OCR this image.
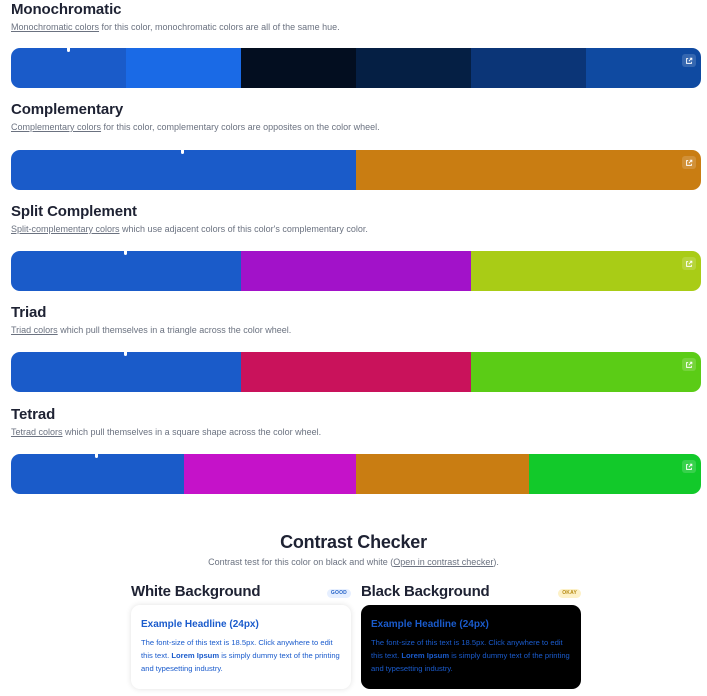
Monochromatic

Monochromatic colors for this color, monochromatic colors are all of the same hue.

Complementary

Complementary colors for this color, complementary colors are opposites on the color wheel.

Split Complement

Split-complementary colors which use adjacent colors of this color's complementary color.

Triad

Triad colors which pull themselves in a triangle across the color wheel.

Tetrad

Tetrad colors which pull themselves in a square shape across the color wheel.

Contrast Checker

Contrast test for this color on black and white (Open in contrast checker).

White Background	GOOD

Example Headline (24px)

The font-size of this text is 18.5px. Click anywhere to edit this text. Lorem Ipsum is simply dummy text of the printing and typesetting industry.

Black Background	OKAY

Example Headline (24px)

The font-size of this text is 18.5px. Click anywhere to edit this text. Lorem Ipsum is simply dummy text of the printing and typesetting industry.
